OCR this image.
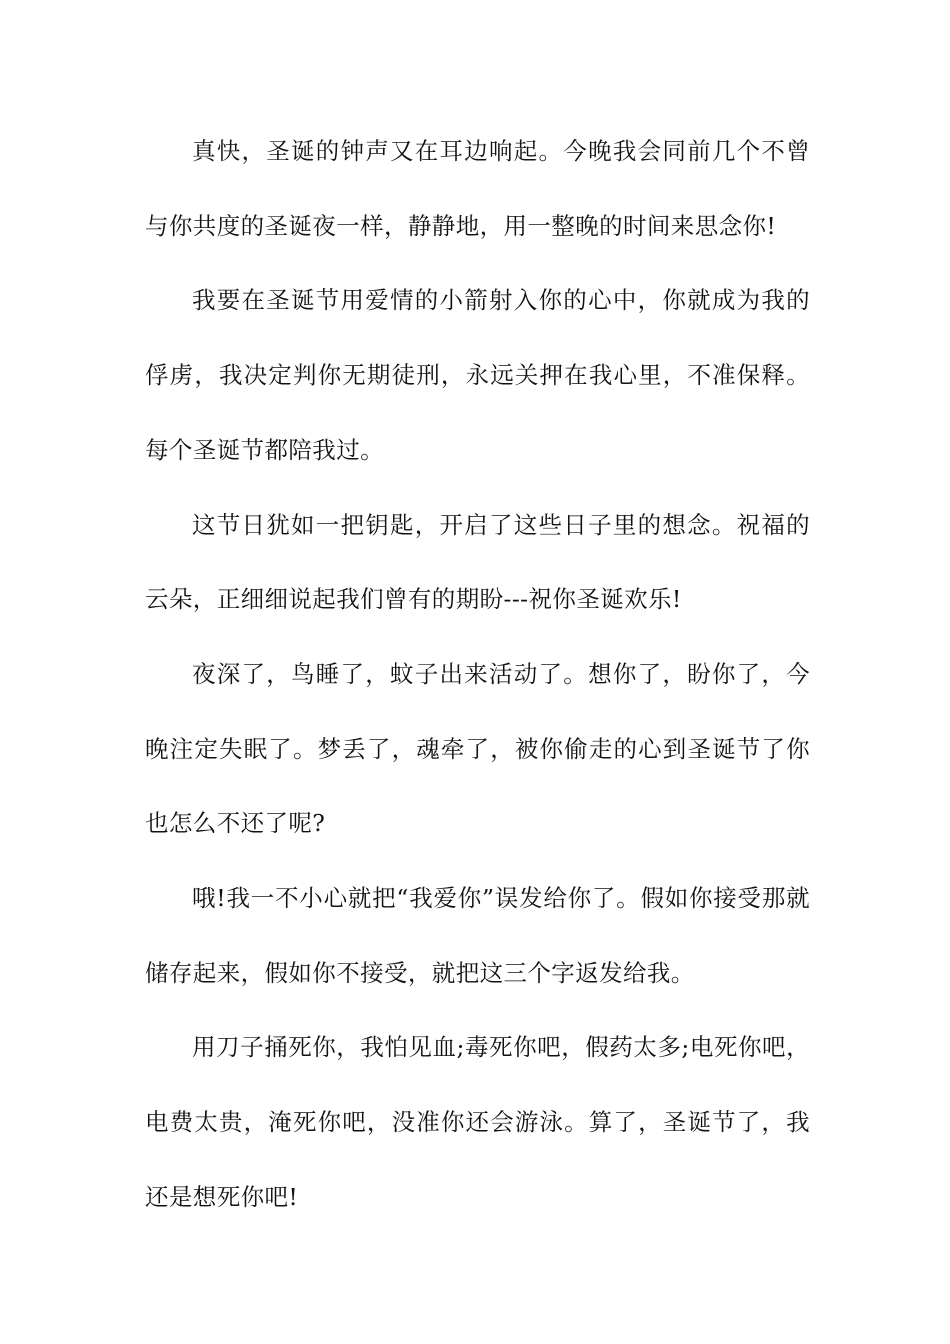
真快，圣诞的钟声又在耳边响起。今晚我会同前几个不曾与你共度的圣诞夜一样，静静地，用一整晚的时间来思念你!

我要在圣诞节用爱情的小箭射入你的心中，你就成为我的俘虏，我决定判你无期徒刑，永远关押在我心里，不准保释。每个圣诞节都陪我过。

这节日犹如一把钥匙，开启了这些日子里的想念。祝福的云朵，正细细说起我们曾有的期盼---祝你圣诞欢乐!

夜深了，鸟睡了，蚊子出来活动了。想你了，盼你了，今晚注定失眠了。梦丢了，魂牵了，被你偷走的心到圣诞节了你也怎么不还了呢?

哦!我一不小心就把“我爱你”误发给你了。假如你接受那就储存起来，假如你不接受，就把这三个字返发给我。

用刀子捅死你，我怕见血;毒死你吧，假药太多;电死你吧，电费太贵，淹死你吧，没准你还会游泳。算了，圣诞节了，我还是想死你吧!
